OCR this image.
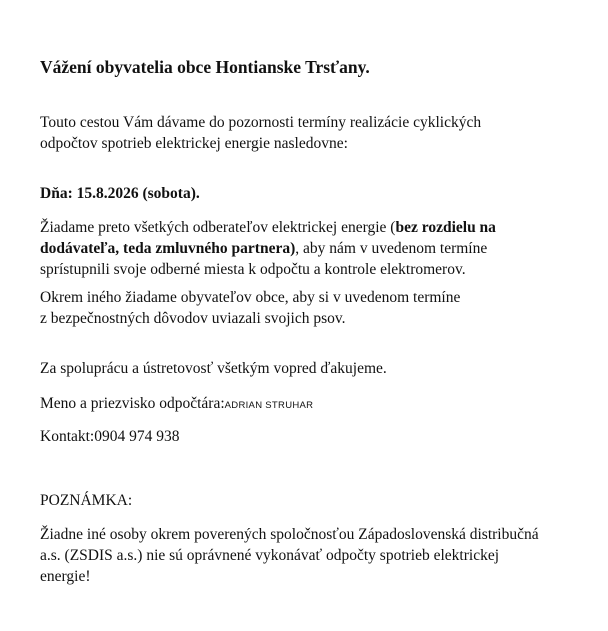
Vážení obyvatelia obce Hontianske Trsťany.

Touto cestou Vám dávame do pozornosti termíny realizácie cyklických
odpočtov spotrieb elektrickej energie nasledovne:

Dňa: 15.8.2026 (sobota).

Žiadame preto všetkých odberateľov elektrickej energie (bez rozdielu na
dodávateľa, teda zmluvného partnera), aby nám v uvedenom termíne
sprístupnili svoje odberné miesta k odpočtu a kontrole elektromerov.

Okrem iného žiadame obyvateľov obce, aby si v uvedenom termíne
z bezpečnostných dôvodov uviazali svojich psov.

Za spoluprácu a ústretovosť všetkým vopred ďakujeme.

Meno a priezvisko odpočtára:ADRIAN STRUHAR

Kontakt:0904 974 938

POZNÁMKA:

Žiadne iné osoby okrem poverených spoločnosťou Západoslovenská distribučná
a.s. (ZSDIS a.s.) nie sú oprávnené vykonávať odpočty spotrieb elektrickej
energie!
